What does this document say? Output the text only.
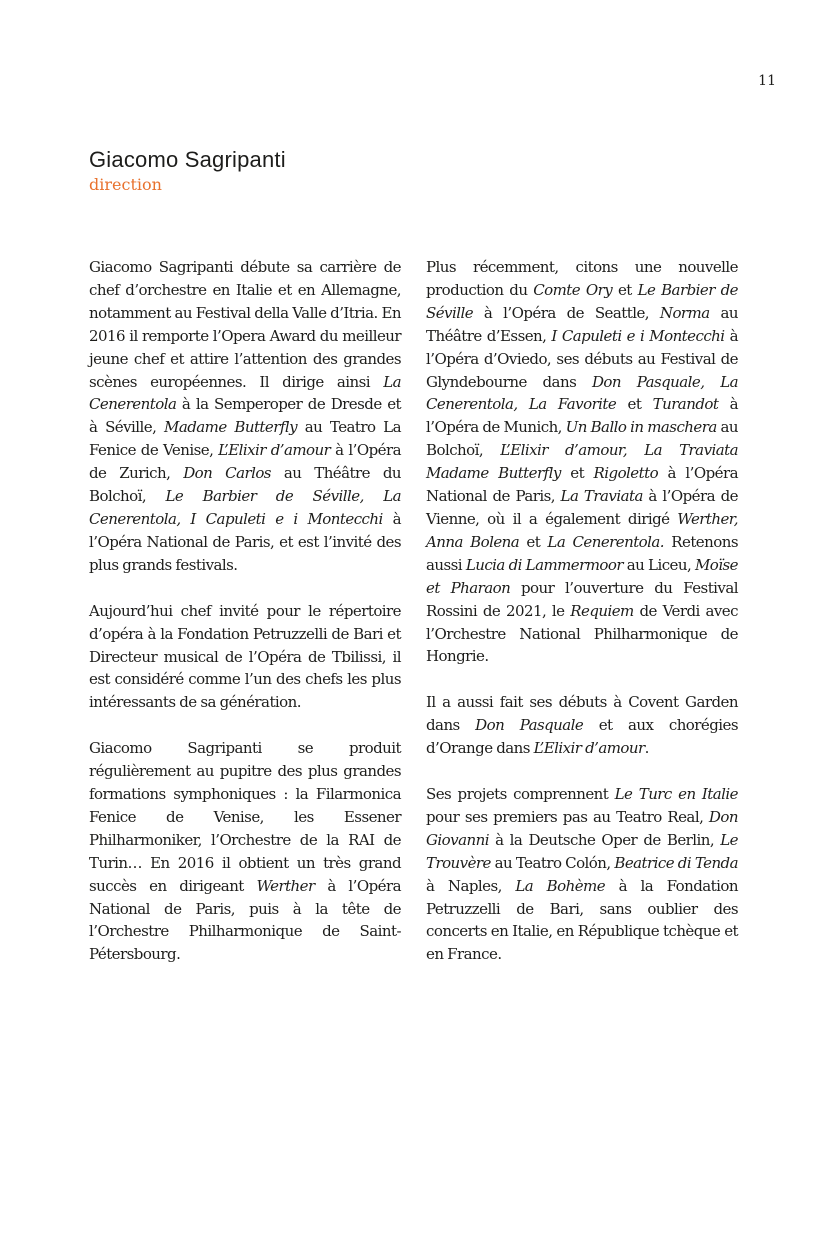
11
Giacomo Sagripanti
direction

Giacomo Sagripanti débute sa carrière de chef d’orchestre en Italie et en Allemagne, notamment au Festival della Valle d’Itria. En 2016 il remporte l’Opera Award du meilleur jeune chef et attire l’attention des grandes scènes européennes. Il dirige ainsi La Cenerentola à la Semperoper de Dresde et à Séville, Madame Butterfly au Teatro La Fenice de Venise, L’Elixir d’amour à l’Opéra de Zurich, Don Carlos au Théâtre du Bolchoï, Le Barbier de Séville, La Cenerentola, I Capuleti e i Montecchi à l’Opéra National de Paris, et est l’invité des plus grands festivals.

Aujourd’hui chef invité pour le répertoire d’opéra à la Fondation Petruzzelli de Bari et Directeur musical de l’Opéra de Tbilissi, il est considéré comme l’un des chefs les plus intéressants de sa génération.

Giacomo Sagripanti se produit régulièrement au pupitre des plus grandes formations symphoniques : la Filarmonica Fenice de Venise, les Essener Philharmoniker, l’Orchestre de la RAI de Turin… En 2016 il obtient un très grand succès en dirigeant Werther à l’Opéra National de Paris, puis à la tête de l’Orchestre Philharmonique de Saint-Pétersbourg.

Plus récemment, citons une nouvelle production du Comte Ory et Le Barbier de Séville à l’Opéra de Seattle, Norma au Théâtre d’Essen, I Capuleti e i Montecchi à l’Opéra d’Oviedo, ses débuts au Festival de Glyndebourne dans Don Pasquale, La Cenerentola, La Favorite et Turandot à l’Opéra de Munich, Un Ballo in maschera au Bolchoï, L’Elixir d’amour, La Traviata Madame Butterfly et Rigoletto à l’Opéra National de Paris, La Traviata à l’Opéra de Vienne, où il a également dirigé Werther, Anna Bolena et La Cenerentola. Retenons aussi Lucia di Lammermoor au Liceu, Moïse et Pharaon pour l’ouverture du Festival Rossini de 2021, le Requiem de Verdi avec l’Orchestre National Philharmonique de Hongrie.

Il a aussi fait ses débuts à Covent Garden dans Don Pasquale et aux chorégies d’Orange dans L’Elixir d’amour.

Ses projets comprennent Le Turc en Italie pour ses premiers pas au Teatro Real, Don Giovanni à la Deutsche Oper de Berlin, Le Trouvère au Teatro Colón, Beatrice di Tenda à Naples, La Bohème à la Fondation Petruzzelli de Bari, sans oublier des concerts en Italie, en République tchèque et en France.
